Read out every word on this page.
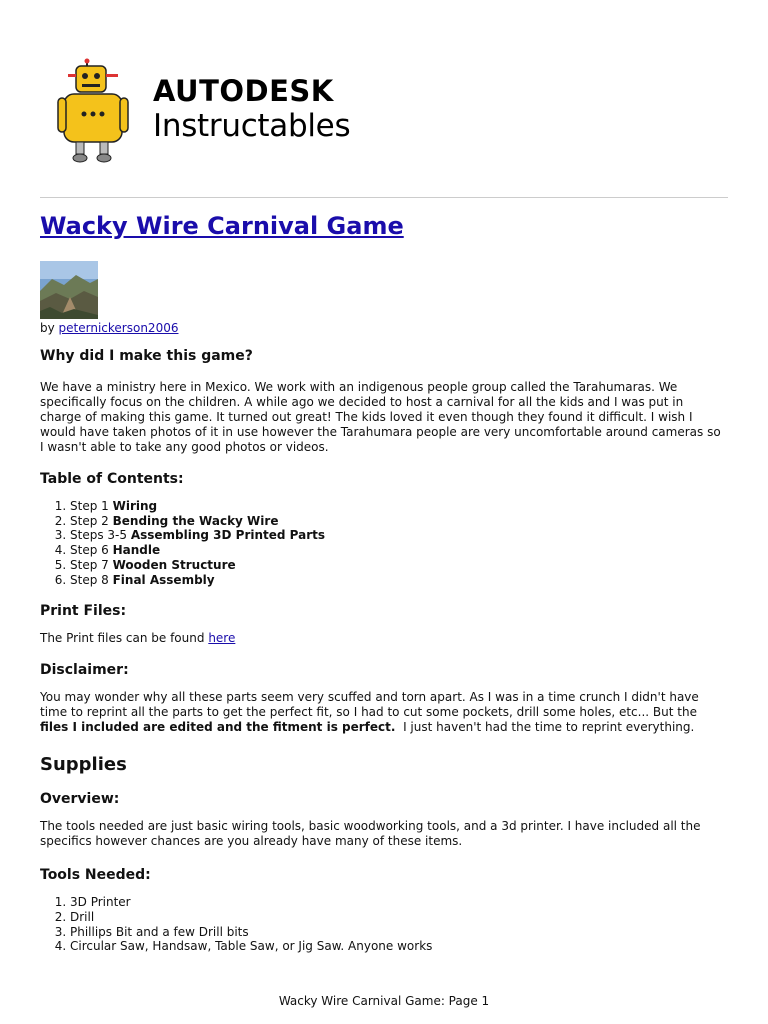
AUTODESK
Instructables
Wacky Wire Carnival Game
by peternickerson2006
Why did I make this game?

We have a ministry here in Mexico. We work with an indigenous people group called the Tarahumaras. We specifically focus on the children. A while ago we decided to host a carnival for all the kids and I was put in charge of making this game. It turned out great! The kids loved it even though they found it difficult. I wish I would have taken photos of it in use however the Tarahumara people are very uncomfortable around cameras so I wasn't able to take any good photos or videos.

Table of Contents:
1. Step 1 Wiring
2. Step 2 Bending the Wacky Wire
3. Steps 3-5 Assembling 3D Printed Parts
4. Step 6 Handle
5. Step 7 Wooden Structure
6. Step 8 Final Assembly
Print Files:

The Print files can be found here

Disclaimer:

You may wonder why all these parts seem very scuffed and torn apart. As I was in a time crunch I didn't have time to reprint all the parts to get the perfect fit, so I had to cut some pockets, drill some holes, etc... But the files I included are edited and the fitment is perfect. I just haven't had the time to reprint everything.

Supplies
Overview:

The tools needed are just basic wiring tools, basic woodworking tools, and a 3d printer. I have included all the specifics however chances are you already have many of these items.

Tools Needed:
1. 3D Printer
2. Drill
3. Phillips Bit and a few Drill bits
4. Circular Saw, Handsaw, Table Saw, or Jig Saw. Anyone works
Wacky Wire Carnival Game: Page 1
